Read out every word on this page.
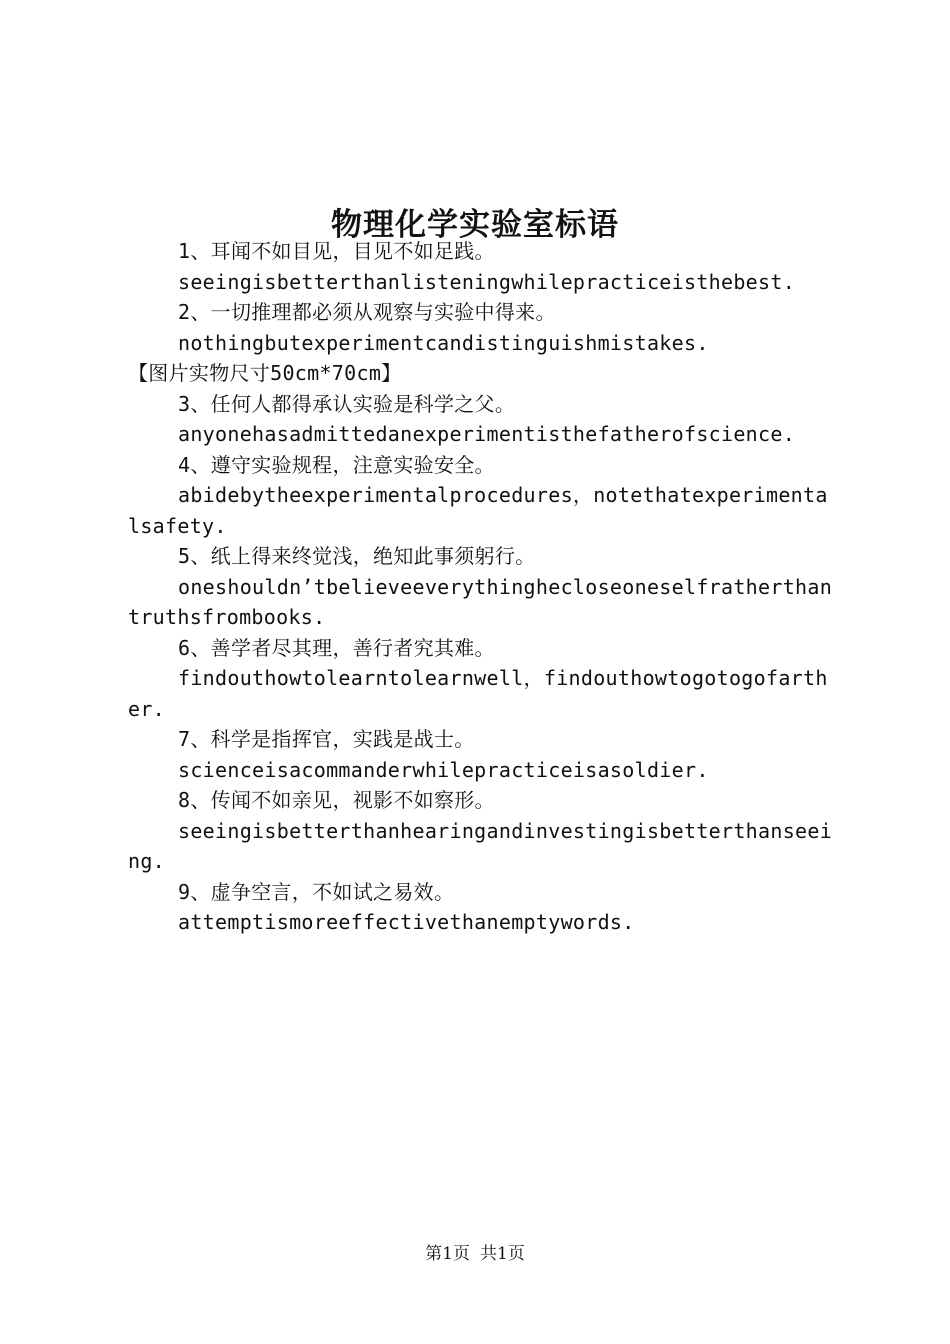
物理化学实验室标语
1、耳闻不如目见，目见不如足践。
seeingisbetterthanlisteningwhilepracticeisthebest.
2、一切推理都必须从观察与实验中得来。
nothingbutexperimentcandistinguishmistakes.
【图片实物尺寸50cm*70cm】
3、任何人都得承认实验是科学之父。
anyonehasadmittedanexperimentisthefatherofscience.
4、遵守实验规程，注意实验安全。
abidebytheexperimentalprocedures，notethatexperimentalsafety.
5、纸上得来终觉浅，绝知此事须躬行。
oneshouldn’tbelieveeverythinghecloseoneselfratherthantruthsfrombooks.
6、善学者尽其理，善行者究其难。
findouthowtolearntolearnwell，findouthowtogotogofarther.
7、科学是指挥官，实践是战士。
scienceisacommanderwhilepracticeisasoldier.
8、传闻不如亲见，视影不如察形。
seeingisbetterthanhearingandinvestingisbetterthanseeing.
9、虚争空言，不如试之易效。
attemptismoreeffectivethanemptywords.
第1页 共1页
